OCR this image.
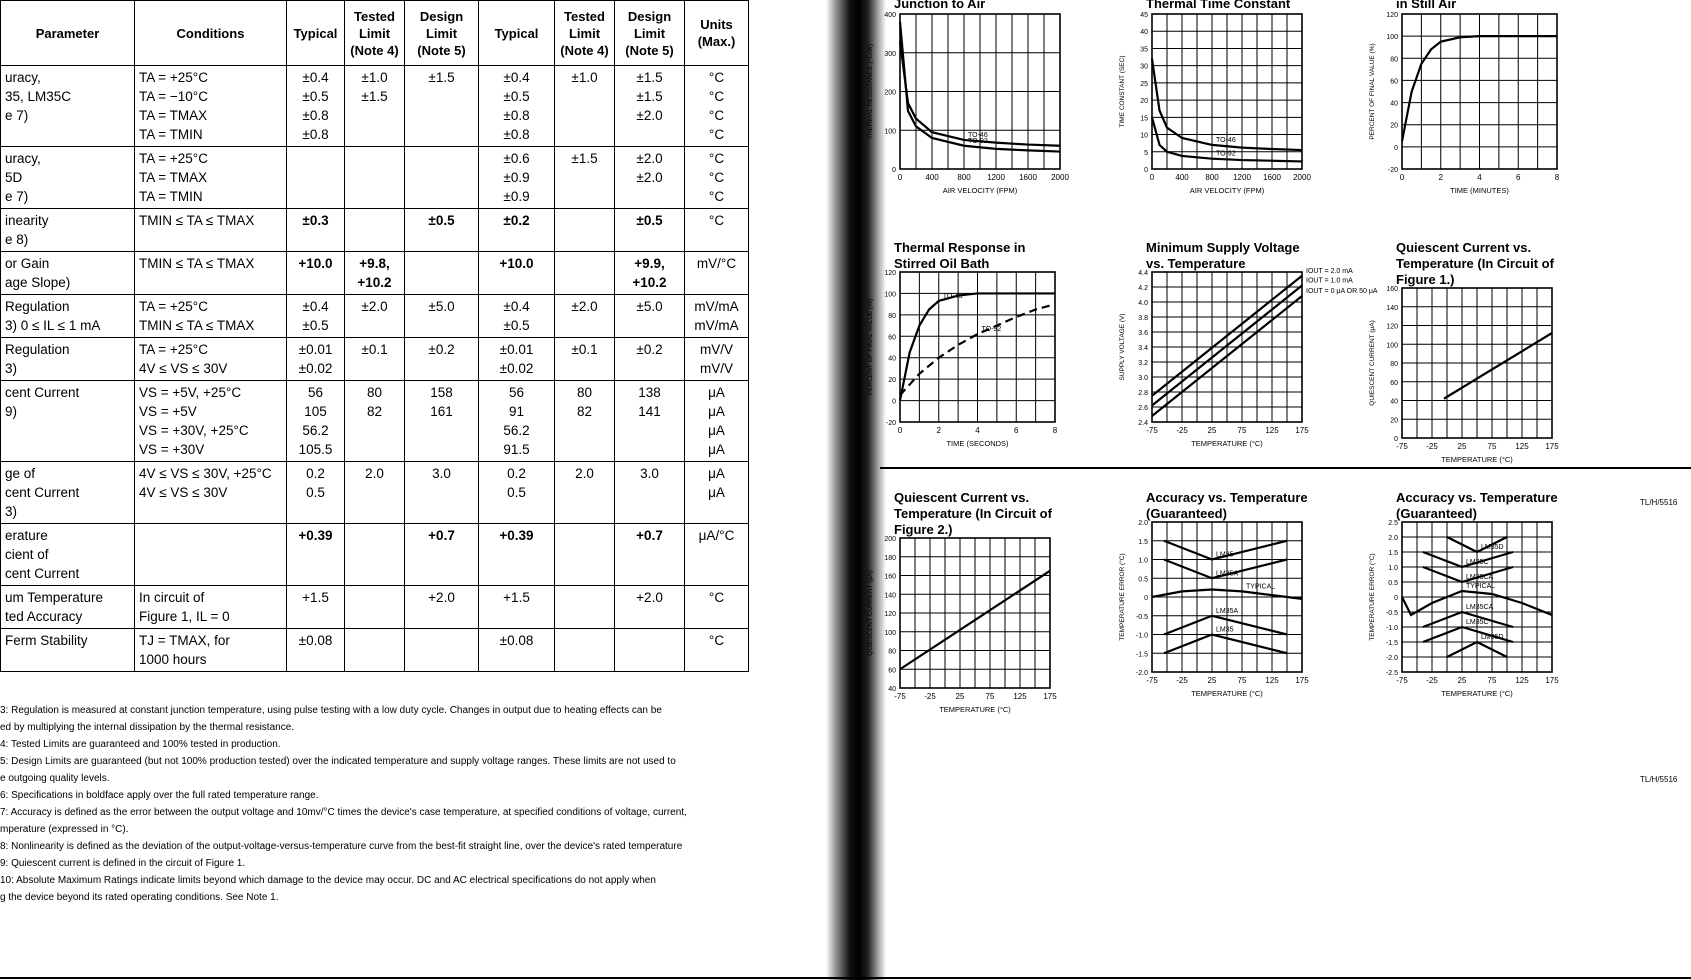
Parameter	Conditions	Typical	Tested Limit (Note 4)	Design Limit (Note 5)	Typical	Tested Limit (Note 4)	Design Limit (Note 5)	Units (Max.)

uracy,
35, LM35C
e 7)	TA = +25°C
TA = −10°C
TA = TMAX
TA = TMIN	±0.4
±0.5
±0.8
±0.8	±1.0
±1.5	±1.5	±0.4
±0.5
±0.8
±0.8	±1.0	±1.5
±1.5
±2.0	°C
°C
°C
°C

uracy,
5D
e 7)	TA = +25°C
TA = TMAX
TA = TMIN				±0.6
±0.9
±0.9	±1.5	±2.0
±2.0	°C
°C
°C

inearity
e 8)	TMIN ≤ TA ≤ TMAX	±0.3		±0.5	±0.2		±0.5	°C

or Gain
age Slope)	TMIN ≤ TA ≤ TMAX	+10.0	+9.8,
+10.2		+10.0		+9.9,
+10.2	mV/°C

Regulation
3) 0 ≤ IL ≤ 1 mA	TA = +25°C
TMIN ≤ TA ≤ TMAX	±0.4
±0.5	±2.0	±5.0	±0.4
±0.5	±2.0	±5.0	mV/mA
mV/mA

Regulation
3)	TA = +25°C
4V ≤ VS ≤ 30V	±0.01
±0.02	±0.1	±0.2	±0.01
±0.02	±0.1	±0.2	mV/V
mV/V

cent Current
9)	VS = +5V, +25°C
VS = +5V
VS = +30V, +25°C
VS = +30V	56
105
56.2
105.5	80
82	158
161	56
91
56.2
91.5	80
82	138
141	μA
μA
μA
μA

ge of
cent Current
3)	4V ≤ VS ≤ 30V, +25°C
4V ≤ VS ≤ 30V	0.2
0.5	2.0	3.0	0.2
0.5	2.0	3.0	μA
μA

erature
cient of
cent Current		+0.39		+0.7	+0.39		+0.7	μA/°C

um Temperature
ted Accuracy	In circuit of
Figure 1, IL = 0	+1.5		+2.0	+1.5		+2.0	°C

Ferm Stability	TJ = TMAX, for
1000 hours	±0.08			±0.08			°C

3: Regulation is measured at constant junction temperature, using pulse testing with a low duty cycle. Changes in output due to heating effects can be

ed by multiplying the internal dissipation by the thermal resistance.

4: Tested Limits are guaranteed and 100% tested in production.

5: Design Limits are guaranteed (but not 100% production tested) over the indicated temperature and supply voltage ranges. These limits are not used to

e outgoing quality levels.

6: Specifications in boldface apply over the full rated temperature range.

7: Accuracy is defined as the error between the output voltage and 10mv/°C times the device's case temperature, at specified conditions of voltage, current,

mperature (expressed in °C).

8: Nonlinearity is defined as the deviation of the output-voltage-versus-temperature curve from the best-fit straight line, over the device's rated temperature

9: Quiescent current is defined in the circuit of Figure 1.

10: Absolute Maximum Ratings indicate limits beyond which damage to the device may occur. DC and AC electrical specifications do not apply when

g the device beyond its rated operating conditions. See Note 1.

Junction to Air	Thermal Time Constant	in Still Air
Thermal Response in Stirred Oil Bath
Minimum Supply Voltage vs. Temperature
Quiescent Current vs. Temperature (In Circuit of Figure 1.)
Quiescent Current vs. Temperature (In Circuit of Figure 2.)
Accuracy vs. Temperature (Guaranteed)
Accuracy vs. Temperature (Guaranteed)
TL/H/5516
TL/H/5516
0	400 800 1200 1600 2000
0
100
200
300
400
AIR VELOCITY (FPM)
THERMAL RESISTANCE (°C/W)	TO-46
TO-92
0	400 800 1200 1600 2000
0
5
10
15
20
25
30
35
40
45
AIR VELOCITY (FPM)
TIME CONSTANT (SEC)
TO-46
TO-92
0	2	4	6	8
-20
0
20
40
60
80
100
120
TIME (MINUTES)
PERCENT OF FINAL VALUE (%)
0	2	4	6	8
-20
0
20
40
60
80
100
120
TIME (SECONDS)
PERCENT OF FINAL VALUE (%)
TO-46
TO-92
-75 -25 25	75 125 175
2.4
2.6
2.8
3.0
3.2
3.4
3.6
3.8
4.0
4.2
4.4
TEMPERATURE (°C)
SUPPLY VOLTAGE (V)
IOUT = 2.0 mA
IOUT = 1.0 mA
IOUT = 0 μA OR 50 μA
-75 -25 25	75 125 175
0
20
40
60
80
100
120
140
160
TEMPERATURE (°C)
QUIESCENT CURRENT (μA)
-75 -25 25	75 125 175
40
60
80
100
120
140
160
180
200
TEMPERATURE (°C)
QUIESCENT CURRENT (μA)
-75 -25 25	75 125 175
-2.0
-1.5
-1.0
-0.5
0
0.5
1.0
1.5
2.0
TEMPERATURE (°C)
TEMPERATURE ERROR (°C)	LM35
LM35A
TYPICAL
LM35A
LM35
-75 -25 25	75 125 175
-2.5
-2.0
-1.5
-1.0
-0.5
0
0.5
1.0
1.5
2.0
2.5
TEMPERATURE (°C)
TEMPERATURE ERROR (°C)
LM35D
LM35C
LM35CA
TYPICAL
LM35CA
LM35C
LM35D
